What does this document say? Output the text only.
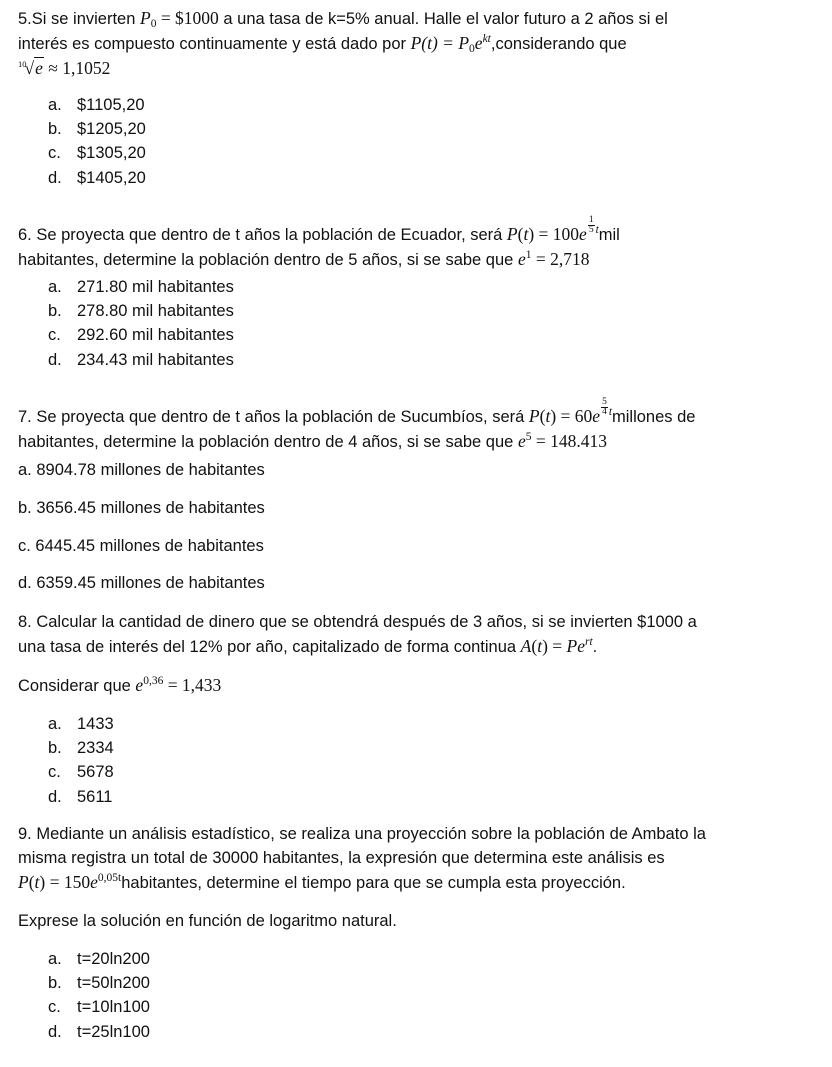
5.Si se invierten $P_0$ = $1000 a una tasa de k=5% anual. Halle el valor futuro a 2 años si el
interés es compuesto continuamente y está dado por $P(t) = P_0e^{kt},considerando$ que
$^{10}$√e ≈ 1,1052

a. $1105,20
b. $1205,20
c. $1305,20
d. $1405,20

6. Se proyecta que dentro de t años la población de Ecuador, será $P(t) = 100e \frac{1}{5} ^tmil$
habitantes, determine la población dentro de 5 años, si se sabe que $e^1 = 2,718$

a. 271.80 mil habitantes
b. 278.80 mil habitantes
c. 292.60 mil habitantes
d. 234.43 mil habitantes

7. Se proyecta que dentro de t años la población de Sucumbíos, será $P(t) = 60e \frac{5}{4}$ $^t$millones de
habitantes, determine la población dentro de 4 años, si se sabe que $e^5 = 148.413$

a. 8904.78 millones de habitantes

b. 3656.45 millones de habitantes

c. 6445.45 millones de habitantes

d. 6359.45 millones de habitantes

8. Calcular la cantidad de dinero que se obtendrá después de 3 años, si se invierten $1000 a
una tasa de interés del 12% por año, capitalizado de forma continua $A(t) = Pe^{rt}$.

Considerar que $e^{0,36} = 1,433$

a. 1433
b. 2334
c. 5678
d. 5611

9. Mediante un análisis estadístico, se realiza una proyección sobre la población de Ambato la
misma registra un total de 30000 habitantes, la expresión que determina este análisis es
$P(t) = 150e^{0,05t}habitantes$, determine el tiempo para que se cumpla esta proyección.

Exprese la solución en función de logaritmo natural.

a. t=20ln200
b. t=50ln200
c. t=10ln100
d. t=25ln100
